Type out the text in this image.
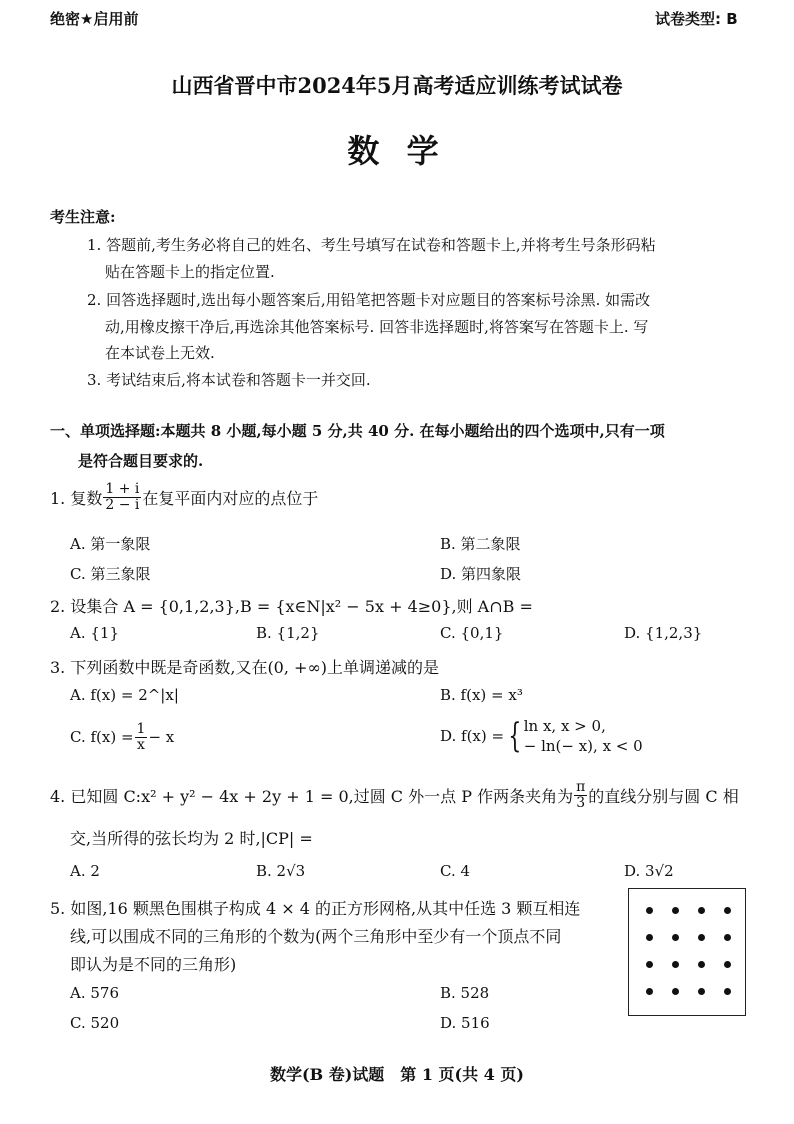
绝密★启用前	试卷类型: B
山西省晋中市2024年5月高考适应训练考试试卷
数 学
考生注意:
1. 答题前,考生务必将自己的姓名、考生号填写在试卷和答题卡上,并将考生号条形码粘
贴在答题卡上的指定位置.
2. 回答选择题时,选出每小题答案后,用铅笔把答题卡对应题目的答案标号涂黑. 如需改
动,用橡皮擦干净后,再选涂其他答案标号. 回答非选择题时,将答案写在答题卡上. 写
在本试卷上无效.
3. 考试结束后,将本试卷和答题卡一并交回.
一、单项选择题:本题共 8 小题,每小题 5 分,共 40 分. 在每小题给出的四个选项中,只有一项
是符合题目要求的.
1. 复数 $\frac{1 + i}{2 - i}$ 在复平面内对应的点位于
A. 第一象限	B. 第二象限
C. 第三象限	D. 第四象限
2. 设集合 A = {0,1,2,3},B = {x∈N|x² − 5x + 4≥0},则 A∩B =
A. {1}	B. {1,2}	C. {0,1}	D. {1,2,3}
3. 下列函数中既是奇函数,又在(0, +∞)上单调递减的是
A. f(x) = 2^|x|	B. f(x) = x³
C. $f(x) = \frac{1}{x} - x$	D. f(x) = { ln x, x > 0,
− ln(− x), x < 0
4. 已知圆 C:x² + y² − 4x + 2y + 1 = 0,过圆 C 外一点 P 作两条夹角为 $\frac{\pi}{3}$ 的直线分别与圆 C 相
交,当所得的弦长均为 2 时,|CP| =
A. 2	B. 2√3	C. 4	D. 3√2
5. 如图,16 颗黑色围棋子构成 4 × 4 的正方形网格,从其中任选 3 颗互相连
线,可以围成不同的三角形的个数为(两个三角形中至少有一个顶点不同
即认为是不同的三角形)
A. 576	B. 528
C. 520	D. 516
数学(B 卷)试题　第 1 页(共 4 页)
